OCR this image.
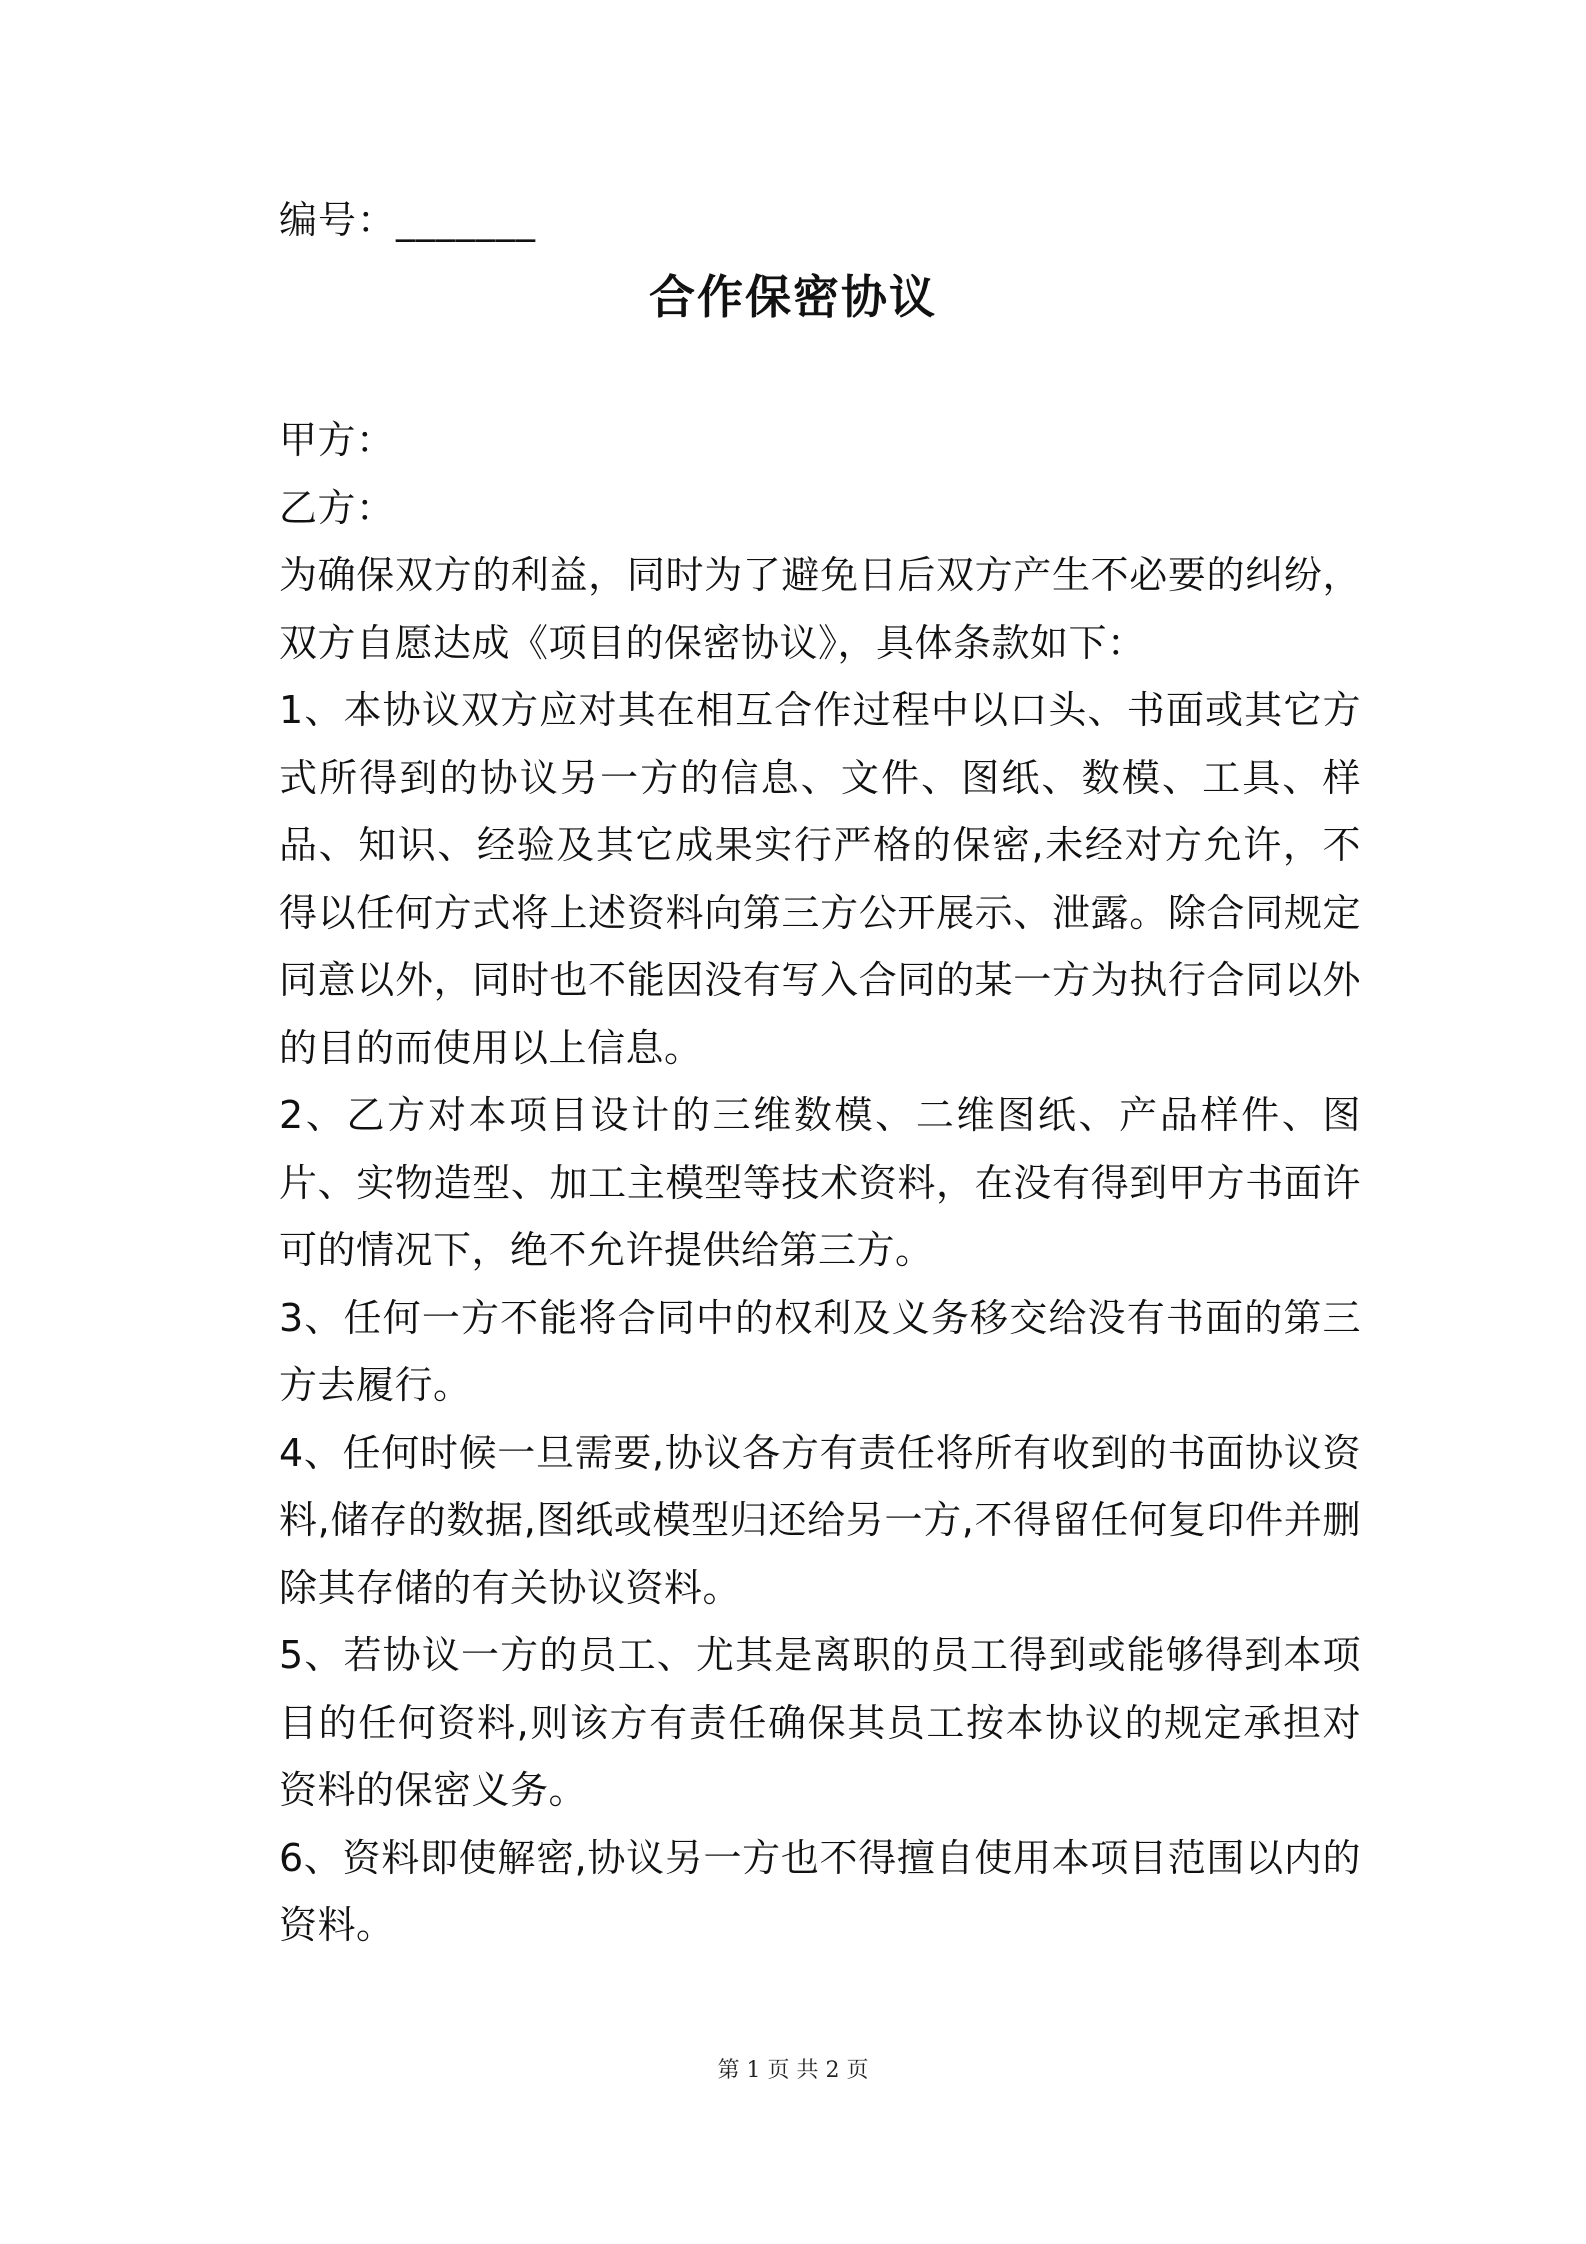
编号：_______
合作保密协议

甲方：

乙方：

为确保双方的利益，同时为了避免日后双方产生不必要的纠纷，双方自愿达成《项目的保密协议》，具体条款如下：

1、本协议双方应对其在相互合作过程中以口头、书面或其它方式所得到的协议另一方的信息、文件、图纸、数模、工具、样品、知识、经验及其它成果实行严格的保密,未经对方允许，不得以任何方式将上述资料向第三方公开展示、泄露。除合同规定同意以外，同时也不能因没有写入合同的某一方为执行合同以外的目的而使用以上信息。

2、乙方对本项目设计的三维数模、二维图纸、产品样件、图片、实物造型、加工主模型等技术资料，在没有得到甲方书面许可的情况下，绝不允许提供给第三方。

3、任何一方不能将合同中的权利及义务移交给没有书面的第三方去履行。

4、任何时候一旦需要,协议各方有责任将所有收到的书面协议资料,储存的数据,图纸或模型归还给另一方,不得留任何复印件并删除其存储的有关协议资料。

5、若协议一方的员工、尤其是离职的员工得到或能够得到本项目的任何资料,则该方有责任确保其员工按本协议的规定承担对资料的保密义务。

6、资料即使解密,协议另一方也不得擅自使用本项目范围以内的资料。

第 1 页 共 2 页
